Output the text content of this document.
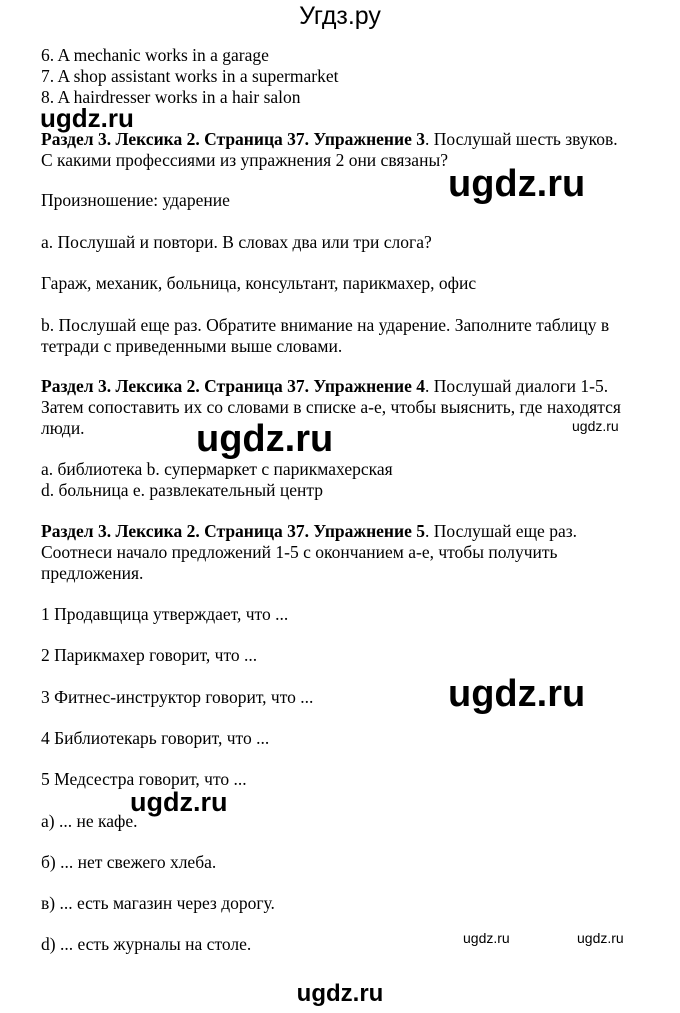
Угдз.ру
6. A mechanic works in a garage
7. A shop assistant works in a supermarket
8. A hairdresser works in a hair salon
ugdz.ru
Раздел 3. Лексика 2. Страница 37. Упражнение 3. Послушай шесть звуков.
С какими профессиями из упражнения 2 они связаны?
ugdz.ru
Произношение: ударение
a. Послушай и повтори. В словах два или три слога?
Гараж, механик, больница, консультант, парикмахер, офис
b. Послушай еще раз. Обратите внимание на ударение. Заполните таблицу в
тетради с приведенными выше словами.
Раздел 3. Лексика 2. Страница 37. Упражнение 4. Послушай диалоги 1-5.
Затем сопоставить их со словами в списке a-e, чтобы выяснить, где находятся
люди.	ugdz.ru
ugdz.ru
a. библиотека b. супермаркет с парикмахерская
d. больница e. развлекательный центр
Раздел 3. Лексика 2. Страница 37. Упражнение 5. Послушай еще раз.
Соотнеси начало предложений 1-5 с окончанием a-e, чтобы получить
предложения.
1 Продавщица утверждает, что ...
2 Парикмахер говорит, что ...
3 Фитнес-инструктор говорит, что ...	ugdz.ru
4 Библиотекарь говорит, что ...
5 Медсестра говорит, что ...
ugdz.ru
а) ... не кафе.
б) ... нет свежего хлеба.
в) ... есть магазин через дорогу.
d) ... есть журналы на столе.	ugdz.ru	ugdz.ru
ugdz.ru
